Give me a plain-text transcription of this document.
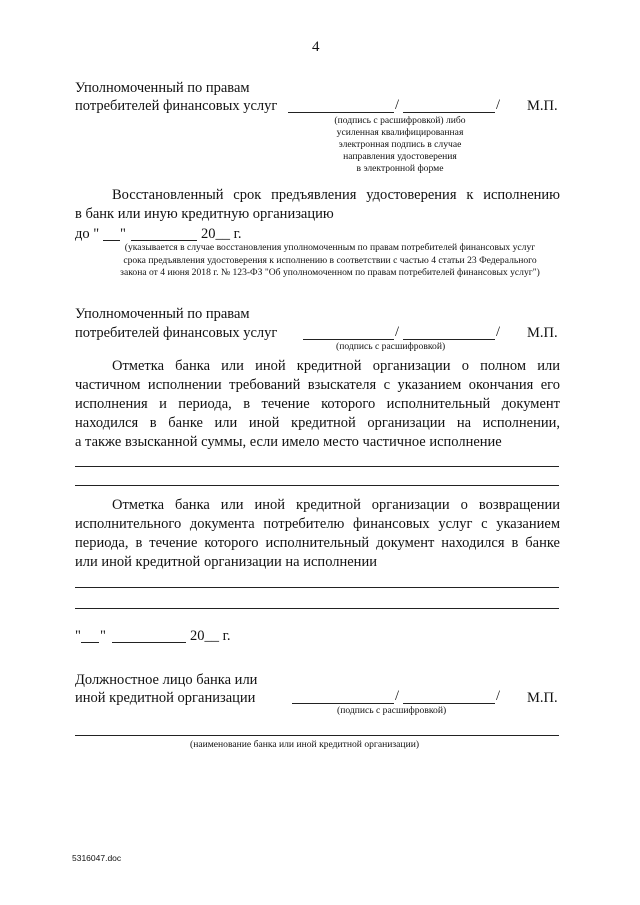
4
Уполномоченный по правам
потребителей финансовых услуг	/	/ М.П.
(подпись с расшифровкой) либо
усиленная квалифицированная
электронная подпись в случае
направления удостоверения
в электронной форме
Восстановленный срок предъявления удостоверения к исполнению
в банк или иную кредитную организацию
до " "	20__ г.
(указывается в случае восстановления уполномоченным по правам потребителей финансовых услуг
срока предъявления удостоверения к исполнению в соответствии с частью 4 статьи 23 Федерального
закона от 4 июня 2018 г. № 123-ФЗ "Об уполномоченном по правам потребителей финансовых услуг")
Уполномоченный по правам
потребителей финансовых услуг	/	/ М.П.
(подпись с расшифровкой)
Отметка банка или иной кредитной организации о полном или
частичном исполнении требований взыскателя с указанием окончания его
исполнения и периода, в течение которого исполнительный документ
находился в банке или иной кредитной организации на исполнении,
а также взысканной суммы, если имело место частичное исполнение
Отметка банка или иной кредитной организации о возвращении
исполнительного документа потребителю финансовых услуг с указанием
периода, в течение которого исполнительный документ находился в банке
или иной кредитной организации на исполнении
" "	20__ г.
Должностное лицо банка или
иной кредитной организации	/	/ М.П.
(подпись с расшифровкой)
(наименование банка или иной кредитной организации)
5316047.doc
